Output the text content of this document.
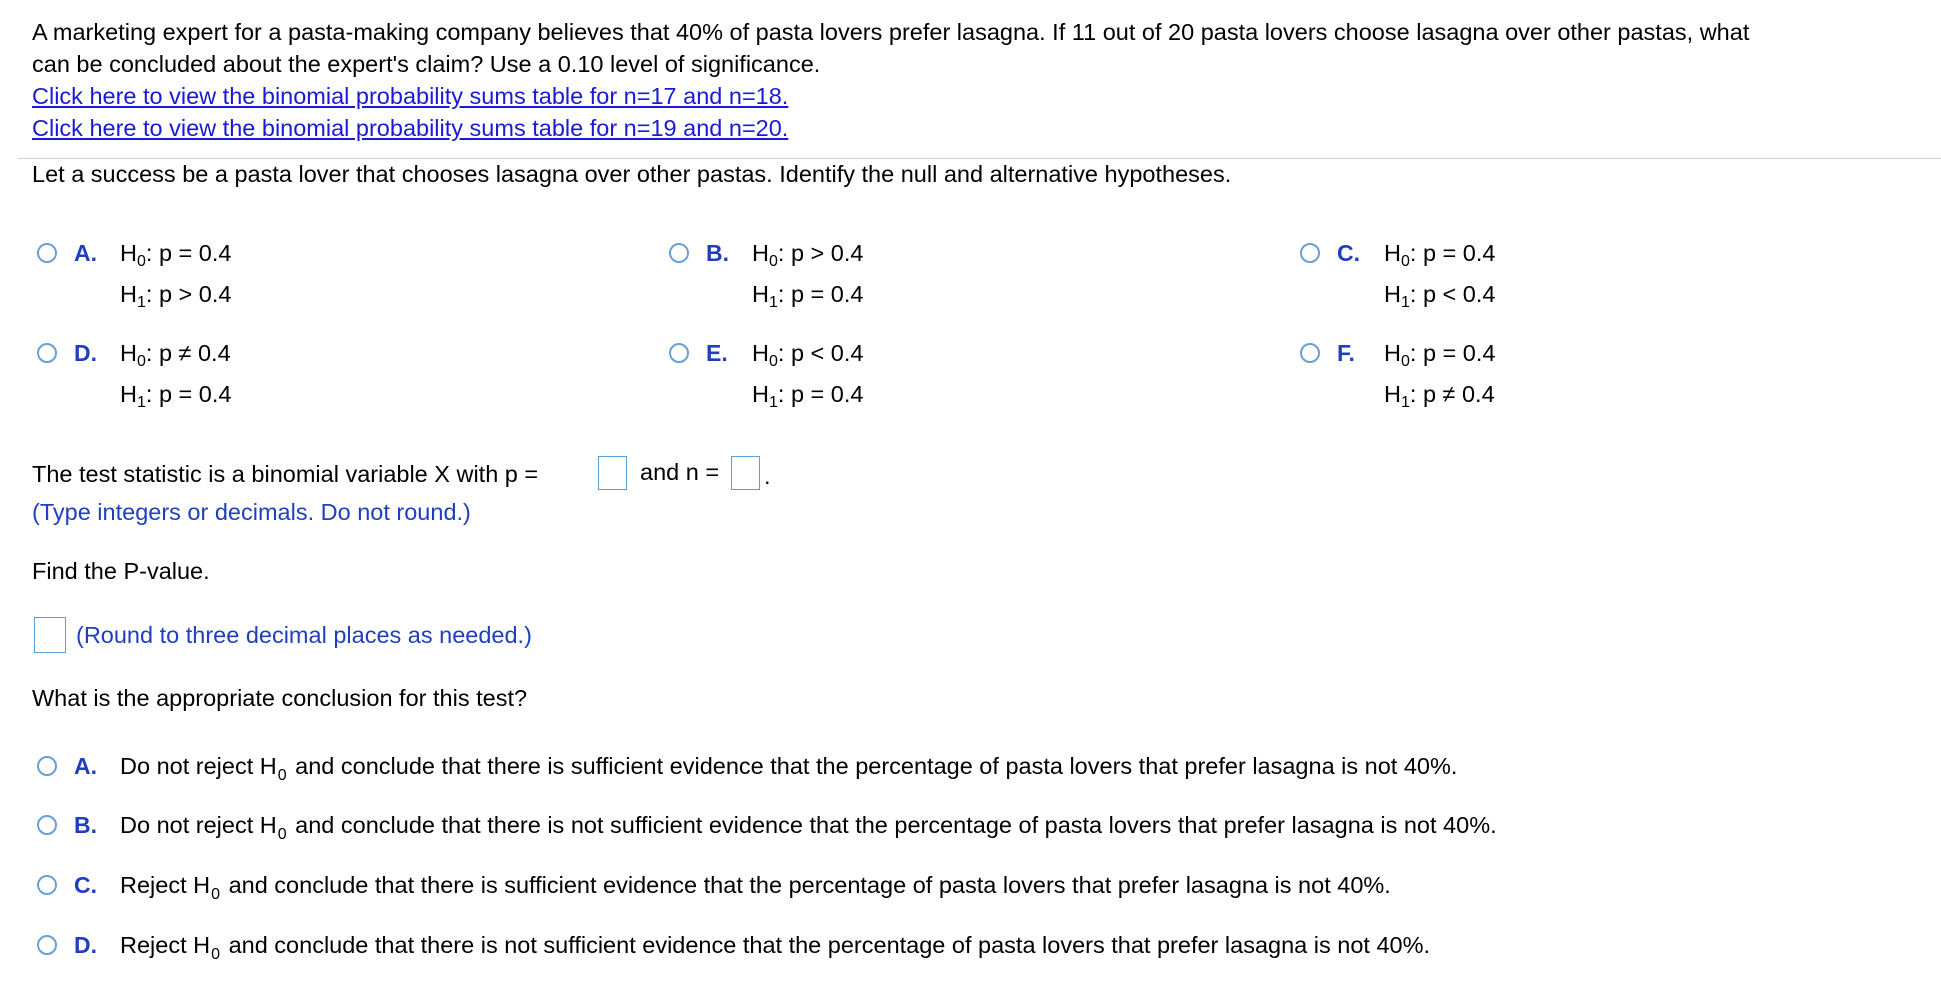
A marketing expert for a pasta-making company believes that 40% of pasta lovers prefer lasagna. If 11 out of 20 pasta lovers choose lasagna over other pastas, what
can be concluded about the expert's claim? Use a 0.10 level of significance.
Click here to view the binomial probability sums table for n=17 and n=18.
Click here to view the binomial probability sums table for n=19 and n=20.
Let a success be a pasta lover that chooses lasagna over other pastas. Identify the null and alternative hypotheses.
A. $H_0$: p = 0.4
$H_1$: p > 0.4
B. $H_0$: p > 0.4
$H_1$: p = 0.4
C. $H_0$: p = 0.4
$H_1$: p < 0.4
D. $H_0$: p ≠ 0.4
$H_1$: p = 0.4
E. $H_0$: p < 0.4
$H_1$: p = 0.4
F. $H_0$: p = 0.4
$H_1$: p ≠ 0.4
The test statistic is a binomial variable X with p =	and n = .
(Type integers or decimals. Do not round.)
Find the P-value.
(Round to three decimal places as needed.)
What is the appropriate conclusion for this test?
A. Do not reject $H_0$ and conclude that there is sufficient evidence that the percentage of pasta lovers that prefer lasagna is not 40%.
B. Do not reject $H_0$ and conclude that there is not sufficient evidence that the percentage of pasta lovers that prefer lasagna is not 40%.
C. Reject $H_0$ and conclude that there is sufficient evidence that the percentage of pasta lovers that prefer lasagna is not 40%.
D. Reject $H_0$ and conclude that there is not sufficient evidence that the percentage of pasta lovers that prefer lasagna is not 40%.
